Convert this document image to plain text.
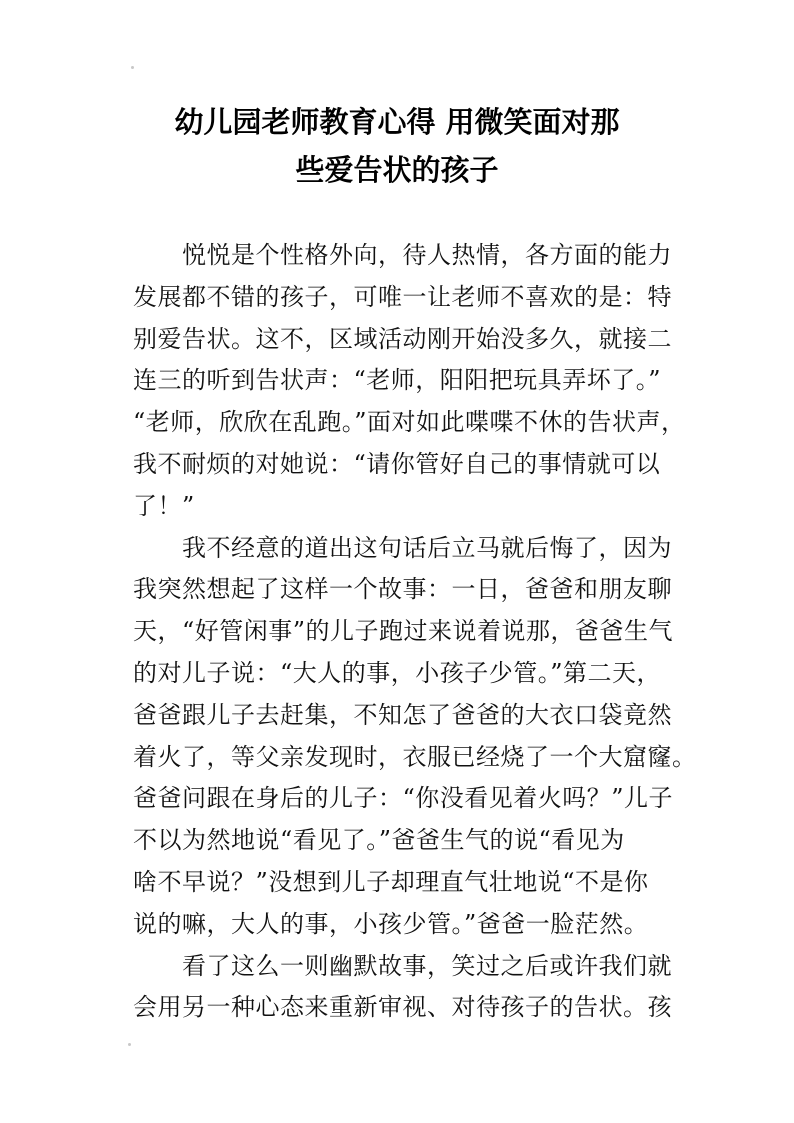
幼儿园老师教育心得 用微笑面对那
些爱告状的孩子
　　悦悦是个性格外向，待人热情，各方面的能力
发展都不错的孩子，可唯一让老师不喜欢的是：特
别爱告状。这不，区域活动刚开始没多久，就接二
连三的听到告状声：“老师，阳阳把玩具弄坏了。”
“老师，欣欣在乱跑。”面对如此喋喋不休的告状声，
我不耐烦的对她说：“请你管好自己的事情就可以
了！”
　　我不经意的道出这句话后立马就后悔了，因为
我突然想起了这样一个故事：一日，爸爸和朋友聊
天，“好管闲事”的儿子跑过来说着说那，爸爸生气
的对儿子说：“大人的事，小孩子少管。”第二天，
爸爸跟儿子去赶集，不知怎了爸爸的大衣口袋竟然
着火了，等父亲发现时，衣服已经烧了一个大窟窿。
爸爸问跟在身后的儿子：“你没看见着火吗？”儿子
不以为然地说“看见了。”爸爸生气的说“看见为
啥不早说？”没想到儿子却理直气壮地说“不是你
说的嘛，大人的事，小孩少管。”爸爸一脸茫然。
　　看了这么一则幽默故事，笑过之后或许我们就
会用另一种心态来重新审视、对待孩子的告状。孩
